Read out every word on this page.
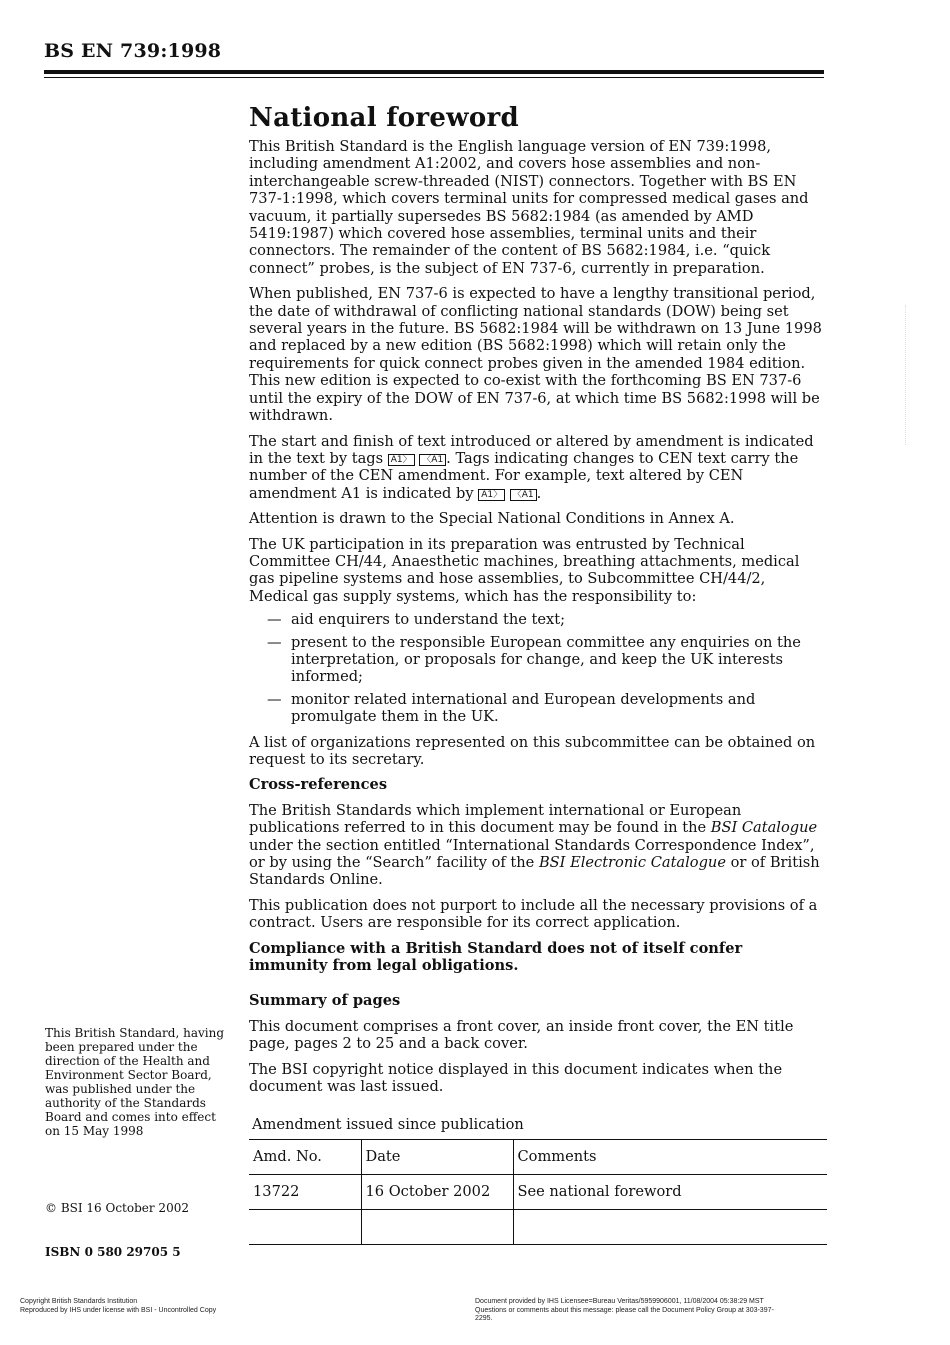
BS EN 739:1998
National foreword

This British Standard is the English language version of EN 739:1998, including amendment A1:2002, and covers hose assemblies and non-interchangeable screw-threaded (NIST) connectors. Together with BS EN 737-1:1998, which covers terminal units for compressed medical gases and vacuum, it partially supersedes BS 5682:1984 (as amended by AMD 5419:1987) which covered hose assemblies, terminal units and their connectors. The remainder of the content of BS 5682:1984, i.e. “quick connect” probes, is the subject of EN 737-6, currently in preparation.

When published, EN 737-6 is expected to have a lengthy transitional period, the date of withdrawal of conflicting national standards (DOW) being set several years in the future. BS 5682:1984 will be withdrawn on 13 June 1998 and replaced by a new edition (BS 5682:1998) which will retain only the requirements for quick connect probes given in the amended 1984 edition. This new edition is expected to co-exist with the forthcoming BS EN 737-6 until the expiry of the DOW of EN 737-6, at which time BS 5682:1998 will be withdrawn.

The start and finish of text introduced or altered by amendment is indicated in the text by tags A1〉 〈A1 . Tags indicating changes to CEN text carry the number of the CEN amendment. For example, text altered by CEN amendment A1 is indicated by A1〉 〈A1 .

Attention is drawn to the Special National Conditions in Annex A.

The UK participation in its preparation was entrusted by Technical Committee CH/44, Anaesthetic machines, breathing attachments, medical gas pipeline systems and hose assemblies, to Subcommittee CH/44/2, Medical gas supply systems, which has the responsibility to:

— aid enquirers to understand the text;
— present to the responsible European committee any enquiries on the interpretation, or proposals for change, and keep the UK interests informed;
— monitor related international and European developments and promulgate them in the UK.

A list of organizations represented on this subcommittee can be obtained on request to its secretary.

Cross-references

The British Standards which implement international or European publications referred to in this document may be found in the BSI Catalogue under the section entitled “International Standards Correspondence Index”, or by using the “Search” facility of the BSI Electronic Catalogue or of British Standards Online.

This publication does not purport to include all the necessary provisions of a contract. Users are responsible for its correct application.

Compliance with a British Standard does not of itself confer immunity from legal obligations.

Summary of pages

This document comprises a front cover, an inside front cover, the EN title page, pages 2 to 25 and a back cover.

The BSI copyright notice displayed in this document indicates when the document was last issued.

Amendment issued since publication
Amd. No.	Date	Comments
13722	16 October 2002	See national foreword

This British Standard, having been prepared under the direction of the Health and Environment Sector Board, was published under the authority of the Standards Board and comes into effect on 15 May 1998
© BSI 16 October 2002
ISBN 0 580 29705 5
Copyright British Standards Institution
Reproduced by IHS under license with BSI - Uncontrolled Copy
Document provided by IHS Licensee=Bureau Veritas/5959906001, 11/08/2004 05:38:29 MST Questions or comments about this message: please call the Document Policy Group at 303-397-2295.
